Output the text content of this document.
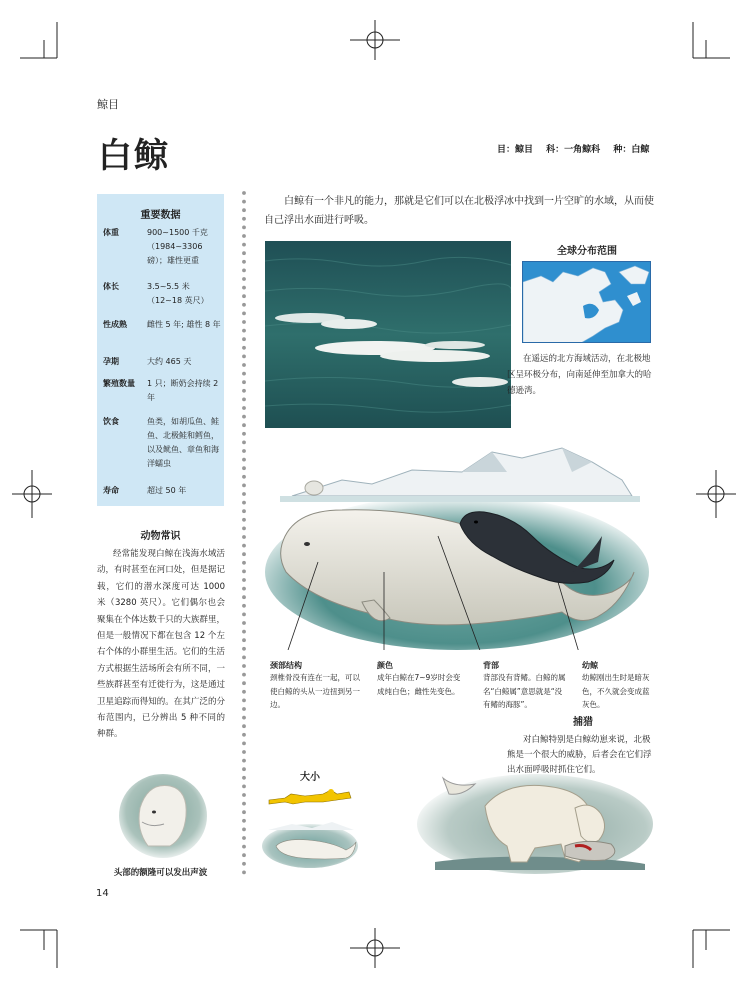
鲸目
白鲸	目：鲸目 科：一角鲸科 种：白鲸
重要数据
体重	900~1500 千克（1984~3306 磅）；雄性更重
体长	3.5~5.5 米（12~18 英尺）
性成熟	雌性 5 年; 雄性 8 年
孕期	大约 465 天
繁殖数量	1 只；断奶会持续 2 年
饮食	鱼类，如胡瓜鱼、鲑鱼、北极鲑和鳕鱼，以及鱿鱼、章鱼和海洋蠕虫
寿命	超过 50 年
动物常识
经常能发现白鲸在浅海水域活动，有时甚至在河口处，但是据记载，它们的潜水深度可达 1000 米（3280 英尺）。它们偶尔也会聚集在个体达数千只的大族群里，但是一般情况下都在包含 12 个左右个体的小群里生活。它们的生活方式根据生活场所会有所不同，一些族群甚至有迁徙行为，这是通过卫星追踪而得知的。在其广泛的分布范围内，已分辨出 5 种不同的种群。
头部的额隆可以发出声波
白鲸有一个非凡的能力，那就是它们可以在北极浮冰中找到一片空旷的水域，从而使自己浮出水面进行呼吸。
全球分布范围
在遥远的北方海域活动，在北极地区呈环极分布，向南延伸至加拿大的哈德逊湾。
颈部结构
颈椎骨没有连在一起，可以使白鲸的头从一边扭到另一边。
颜色
成年白鲸在7~9岁时会变成纯白色；雌性先变色。
背部
背部没有背鳍。白鲸的属名“白鲸属”意思就是“没有鳍的海豚”。
幼鲸
幼鲸刚出生时是暗灰色，不久就会变成蓝灰色。
捕猎
对白鲸特别是白鲸幼崽来说，北极熊是一个很大的威胁，后者会在它们浮出水面呼吸时抓住它们。
大小
14
